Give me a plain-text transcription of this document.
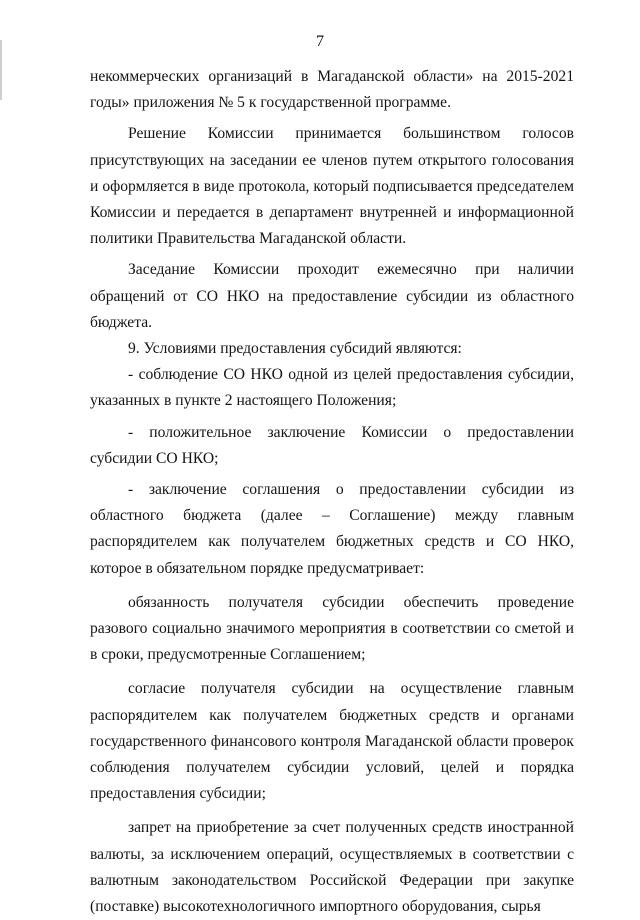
7

некоммерческих организаций в Магаданской области» на 2015-2021 годы» приложения № 5 к государственной программе.

Решение Комиссии принимается большинством голосов присутствующих на заседании ее членов путем открытого голосования и оформляется в виде протокола, который подписывается председателем Комиссии и передается в департамент внутренней и информационной политики Правительства Магаданской области.

Заседание Комиссии проходит ежемесячно при наличии обращений от СО НКО на предоставление субсидии из областного бюджета.

9. Условиями предоставления субсидий являются:

- соблюдение СО НКО одной из целей предоставления субсидии, указанных в пункте 2 настоящего Положения;

- положительное заключение Комиссии о предоставлении субсидии СО НКО;

- заключение соглашения о предоставлении субсидии из областного бюджета (далее – Соглашение) между главным распорядителем как получателем бюджетных средств и СО НКО, которое в обязательном порядке предусматривает:

обязанность получателя субсидии обеспечить проведение разового социально значимого мероприятия в соответствии со сметой и в сроки, предусмотренные Соглашением;

согласие получателя субсидии на осуществление главным распорядителем как получателем бюджетных средств и органами государственного финансового контроля Магаданской области проверок соблюдения получателем субсидии условий, целей и порядка предоставления субсидии;

запрет на приобретение за счет полученных средств иностранной валюты, за исключением операций, осуществляемых в соответствии с валютным законодательством Российской Федерации при закупке (поставке) высокотехнологичного импортного оборудования, сырья
